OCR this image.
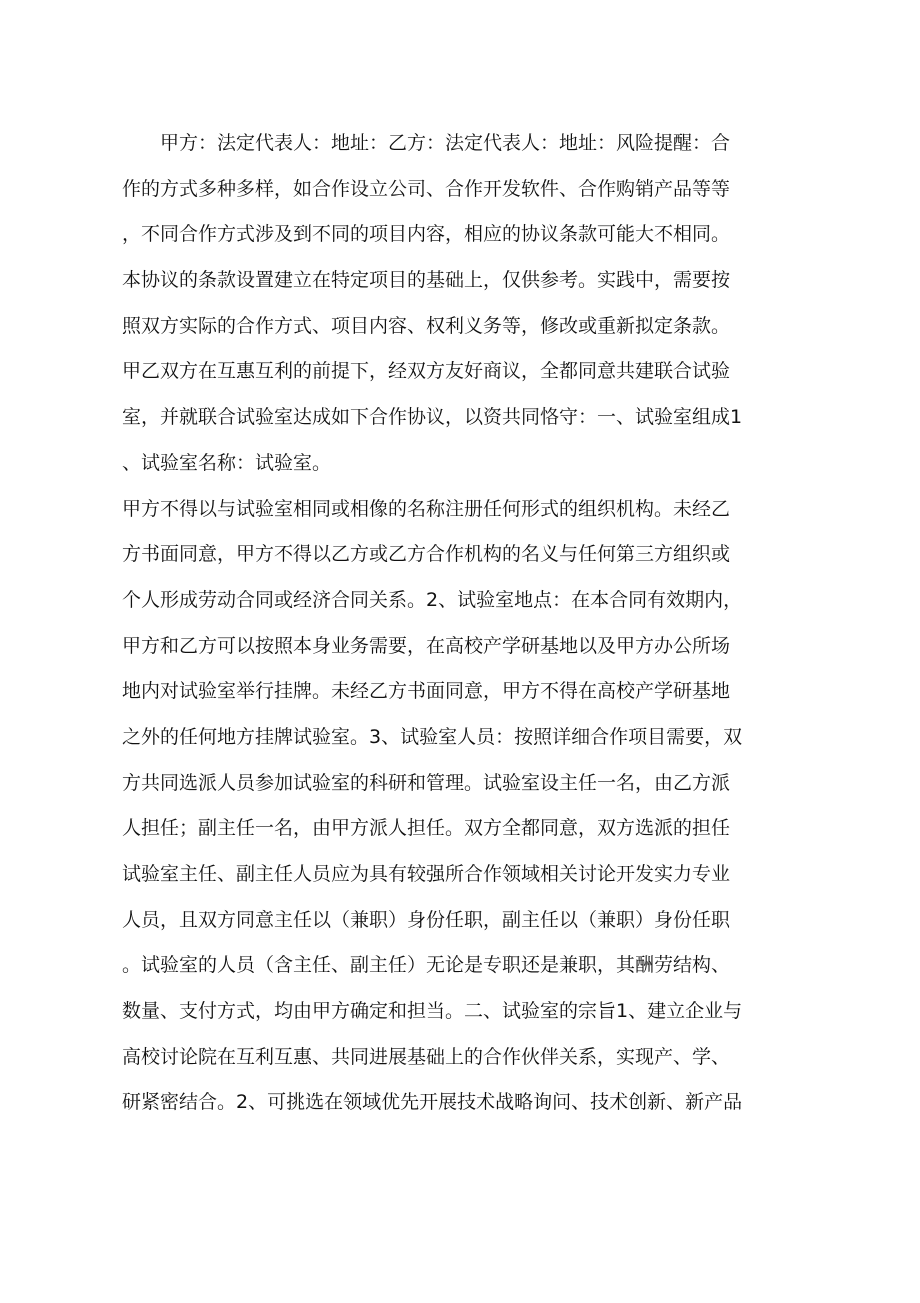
　　甲方：法定代表人：地址：乙方：法定代表人：地址：风险提醒：合
作的方式多种多样，如合作设立公司、合作开发软件、合作购销产品等等
，不同合作方式涉及到不同的项目内容，相应的协议条款可能大不相同。
本协议的条款设置建立在特定项目的基础上，仅供参考。实践中，需要按
照双方实际的合作方式、项目内容、权利义务等，修改或重新拟定条款。
甲乙双方在互惠互利的前提下，经双方友好商议，全都同意共建联合试验
室，并就联合试验室达成如下合作协议，以资共同恪守：一、试验室组成1
、试验室名称：试验室。
甲方不得以与试验室相同或相像的名称注册任何形式的组织机构。未经乙
方书面同意，甲方不得以乙方或乙方合作机构的名义与任何第三方组织或
个人形成劳动合同或经济合同关系。2、试验室地点：在本合同有效期内，
甲方和乙方可以按照本身业务需要，在高校产学研基地以及甲方办公所场
地内对试验室举行挂牌。未经乙方书面同意，甲方不得在高校产学研基地
之外的任何地方挂牌试验室。3、试验室人员：按照详细合作项目需要，双
方共同选派人员参加试验室的科研和管理。试验室设主任一名，由乙方派
人担任；副主任一名，由甲方派人担任。双方全都同意，双方选派的担任
试验室主任、副主任人员应为具有较强所合作领域相关讨论开发实力专业
人员，且双方同意主任以（兼职）身份任职，副主任以（兼职）身份任职
。试验室的人员（含主任、副主任）无论是专职还是兼职，其酬劳结构、
数量、支付方式，均由甲方确定和担当。二、试验室的宗旨1、建立企业与
高校讨论院在互利互惠、共同进展基础上的合作伙伴关系，实现产、学、
研紧密结合。2、可挑选在领域优先开展技术战略询问、技术创新、新产品
